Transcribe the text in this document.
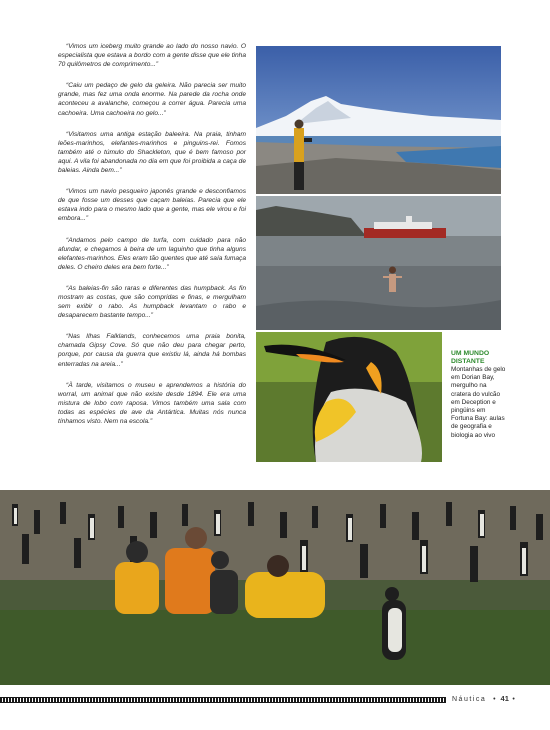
“Vimos um iceberg muito grande ao lado do nosso navio. O especialista que estava a bordo com a gente disse que ele tinha 70 quilômetros de comprimento...”

“Caiu um pedaço de gelo da geleira. Não parecia ser muito grande, mas fez uma onda enorme. Na parede da rocha onde aconteceu a avalanche, começou a correr água. Parecia uma cachoeira. Uma cachoeira no gelo...”

“Visitamos uma antiga estação baleeira. Na praia, tinham leões-marinhos, elefantes-marinhos e pinguins-rei. Fomos também até o túmulo do Shackleton, que é bem famoso por aqui. A vila foi abandonada no dia em que foi proibida a caça de baleias. Ainda bem...”

“Vimos um navio pesqueiro japonês grande e desconfiamos de que fosse um desses que caçam baleias. Parecia que ele estava indo para o mesmo lado que a gente, mas ele virou e foi embora...”

“Andamos pelo campo de turfa, com cuidado para não afundar, e chegamos à beira de um laguinho que tinha alguns elefantes-marinhos. Eles eram tão quentes que até saía fumaça deles. O cheiro deles era bem forte...”

“As baleias-fin são raras e diferentes das humpback. As fin mostram as costas, que são compridas e finas, e mergulham sem exibir o rabo. As humpback levantam o rabo e desaparecem bastante tempo...”

“Nas Ilhas Falklands, conhecemos uma praia bonita, chamada Gipsy Cove. Só que não deu para chegar perto, porque, por causa da guerra que existiu lá, ainda há bombas enterradas na areia...”

“À tarde, visitamos o museu e aprendemos a história do worral, um animal que não existe desde 1894. Ele era uma mistura de lobo com raposa. Vimos também uma sala com todas as espécies de ave da Antártica. Muitas nós nunca tínhamos visto. Nem na escola.”

UM MUNDO DISTANTE
Montanhas de gelo em Dorian Bay, mergulho na cratera do vulcão em Deception e pingüins em Fortuna Bay: aulas de geografia e biologia ao vivo
Náutica  • 41 •
